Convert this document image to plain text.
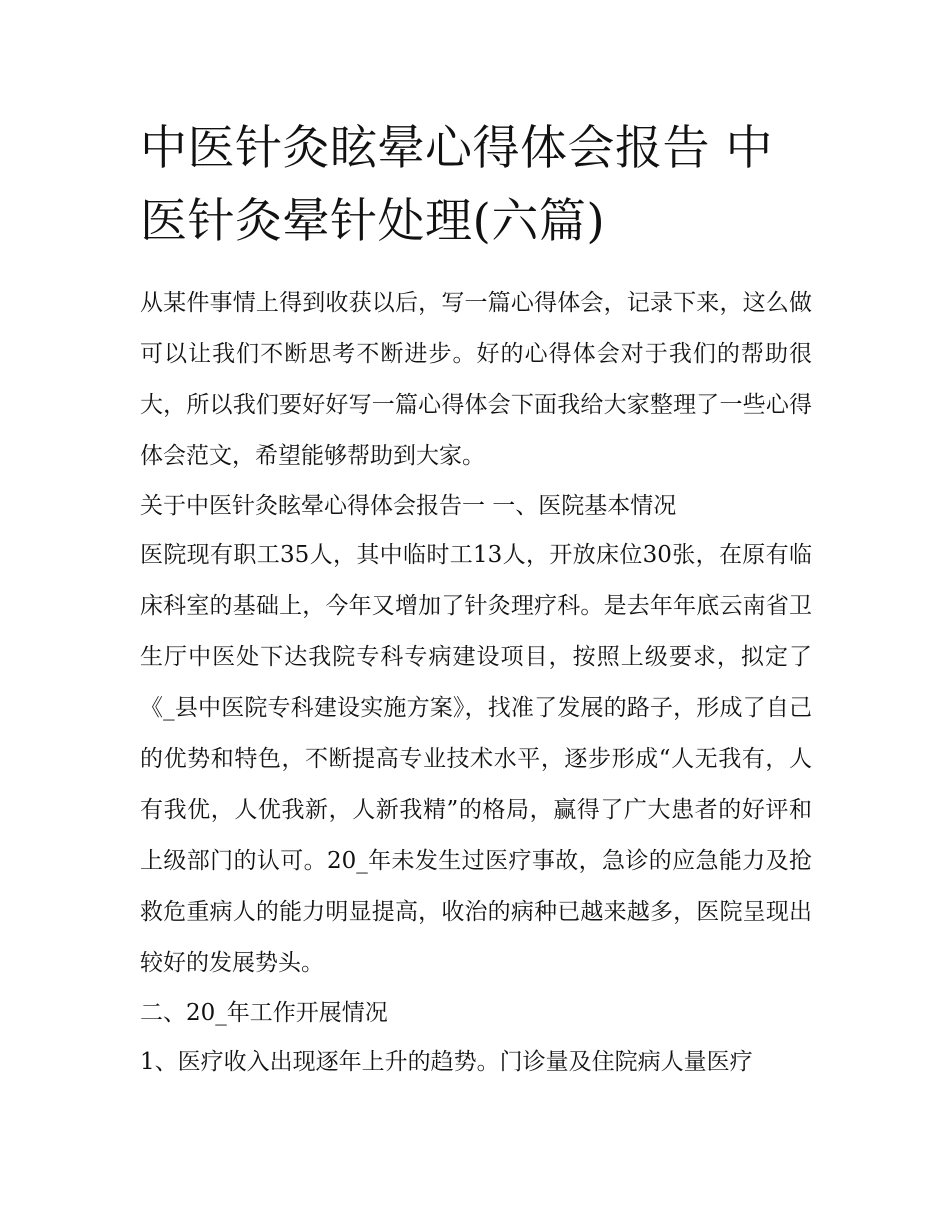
中医针灸眩晕心得体会报告 中医针灸晕针处理(六篇)

从某件事情上得到收获以后，写一篇心得体会，记录下来，这么做可以让我们不断思考不断进步。好的心得体会对于我们的帮助很大，所以我们要好好写一篇心得体会下面我给大家整理了一些心得体会范文，希望能够帮助到大家。

关于中医针灸眩晕心得体会报告一 一、医院基本情况

医院现有职工35人，其中临时工13人，开放床位30张，在原有临床科室的基础上，今年又增加了针灸理疗科。是去年年底云南省卫生厅中医处下达我院专科专病建设项目，按照上级要求，拟定了《_县中医院专科建设实施方案》，找准了发展的路子，形成了自己的优势和特色，不断提高专业技术水平，逐步形成“人无我有，人有我优，人优我新，人新我精”的格局，赢得了广大患者的好评和上级部门的认可。20_年未发生过医疗事故，急诊的应急能力及抢救危重病人的能力明显提高，收治的病种已越来越多，医院呈现出较好的发展势头。

二、20_年工作开展情况

1、医疗收入出现逐年上升的趋势。门诊量及住院病人量医疗
